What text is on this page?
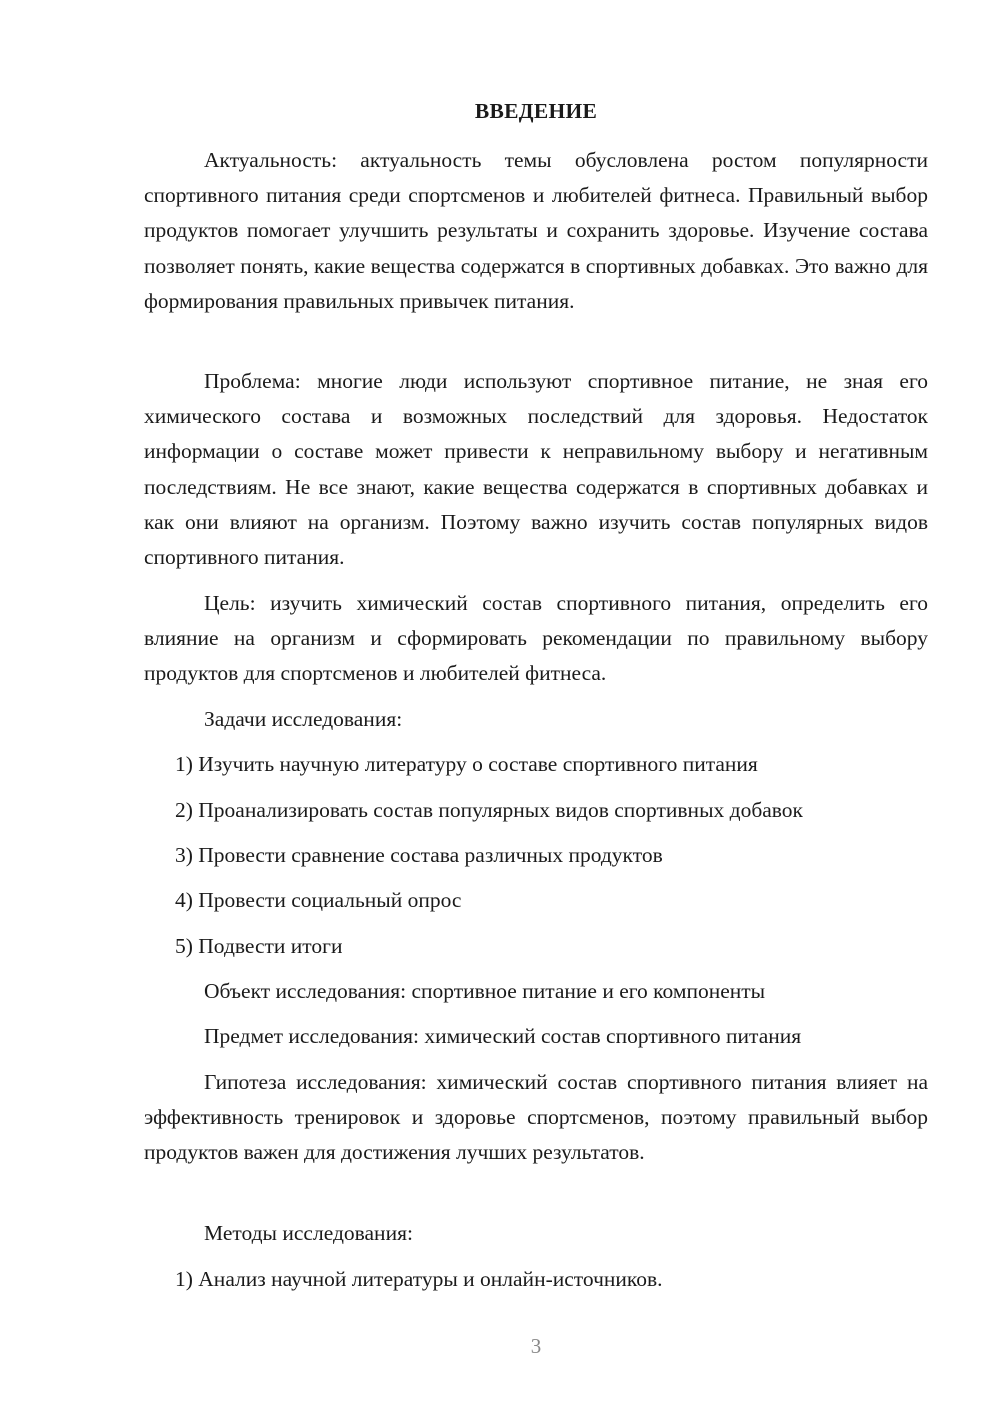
ВВЕДЕНИЕ
Актуальность: актуальность темы обусловлена ростом популярности спортивного питания среди спортсменов и любителей фитнеса. Правильный выбор продуктов помогает улучшить результаты и сохранить здоровье. Изучение состава позволяет понять, какие вещества содержатся в спортивных добавках. Это важно для формирования правильных привычек питания.
Проблема: многие люди используют спортивное питание, не зная его химического состава и возможных последствий для здоровья. Недостаток информации о составе может привести к неправильному выбору и негативным последствиям. Не все знают, какие вещества содержатся в спортивных добавках и как они влияют на организм. Поэтому важно изучить состав популярных видов спортивного питания.
Цель: изучить химический состав спортивного питания, определить его влияние на организм и сформировать рекомендации по правильному выбору продуктов для спортсменов и любителей фитнеса.
Задачи исследования:
1) Изучить научную литературу о составе спортивного питания
2) Проанализировать состав популярных видов спортивных добавок
3) Провести сравнение состава различных продуктов
4) Провести социальный опрос
5) Подвести итоги
Объект исследования: спортивное питание и его компоненты
Предмет исследования: химический состав спортивного питания
Гипотеза исследования: химический состав спортивного питания влияет на эффективность тренировок и здоровье спортсменов, поэтому правильный выбор продуктов важен для достижения лучших результатов.
Методы исследования:
1) Анализ научной литературы и онлайн-источников.
3
